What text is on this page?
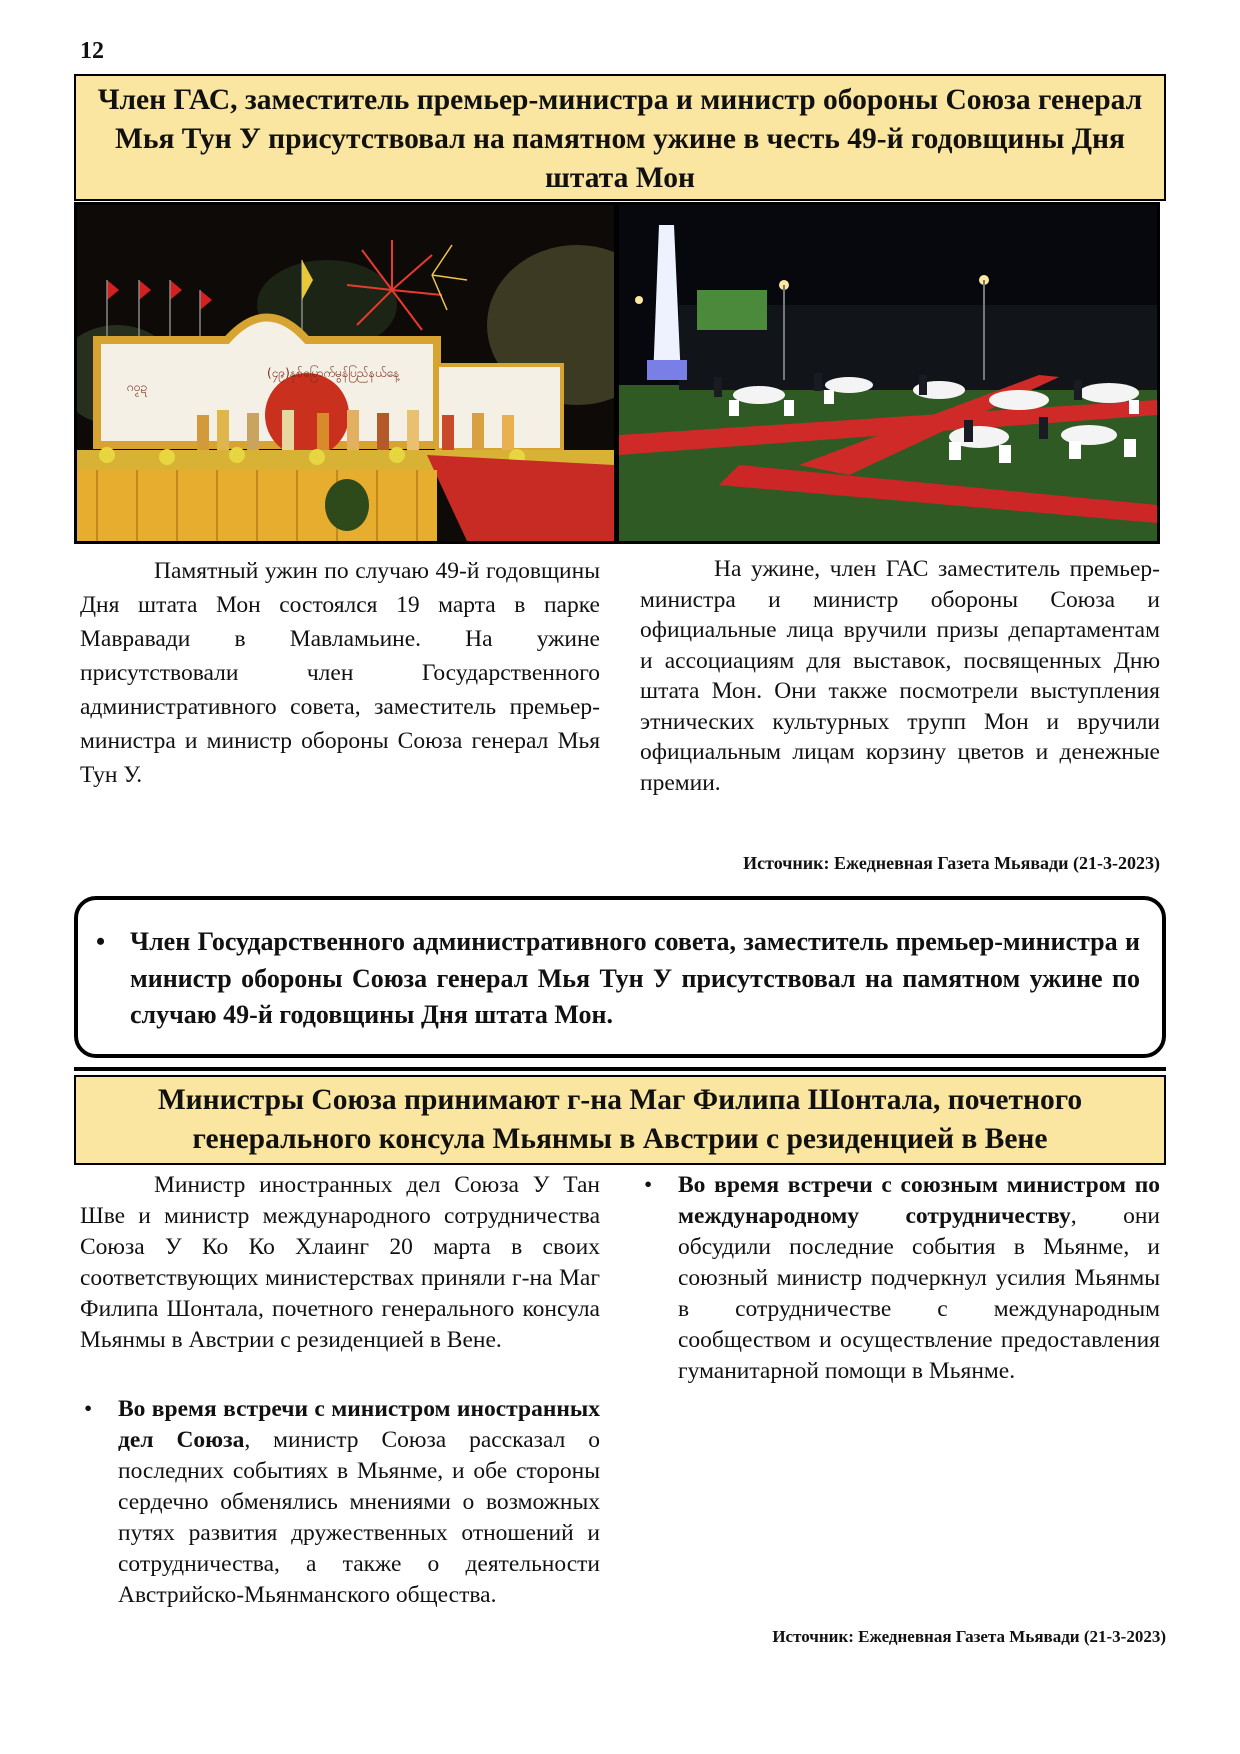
12
Член ГАС, заместитель премьер-министра и министр обороны Союза генерал Мья Тун У присутствовал на памятном ужине в честь 49-й годовщины Дня штата Мон
(၄၉)နှစ်မြောက်မွန်ပြည်နယ်နေ့
ဂ၀ၟဍ
Памятный ужин по случаю 49-й годовщины Дня штата Мон состоялся 19 марта в парке Мавравади в Мавламьине. На ужине присутствовали член Государственного административного совета, заместитель премьер-министра и министр обороны Союза генерал Мья Тун У.
На ужине, член ГАС заместитель премьер-министра и министр обороны Союза и официальные лица вручили призы департаментам и ассоциациям для выставок, посвященных Дню штата Мон. Они также посмотрели выступления этнических культурных трупп Мон и вручили официальным лицам корзину цветов и денежные премии.
Источник: Ежедневная Газета Мьявади (21-3-2023)
• Член Государственного административного совета, заместитель премьер-министра и министр обороны Союза генерал Мья Тун У присутствовал на памятном ужине по случаю 49-й годовщины Дня штата Мон.
Министры Союза принимают г-на Маг Филипа Шонтала, почетного генерального консула Мьянмы в Австрии с резиденцией в Вене
Министр иностранных дел Союза У Тан Шве и министр международного сотрудничества Союза У Ко Ко Хлаинг 20 марта в своих соответствующих министерствах приняли г-на Маг Филипа Шонтала, почетного генерального консула Мьянмы в Австрии с резиденцией в Вене.
• Во время встречи с министром иностранных дел Союза, министр Союза рассказал о последних событиях в Мьянме, и обе стороны сердечно обменялись мнениями о возможных путях развития дружественных отношений и сотрудничества, а также о деятельности Австрийско-Мьянманского общества.
• Во время встречи с союзным министром по международному сотрудничеству, они обсудили последние события в Мьянме, и союзный министр подчеркнул усилия Мьянмы в сотрудничестве с международным сообществом и осуществление предоставления гуманитарной помощи в Мьянме.
Источник: Ежедневная Газета Мьявади (21-3-2023)
